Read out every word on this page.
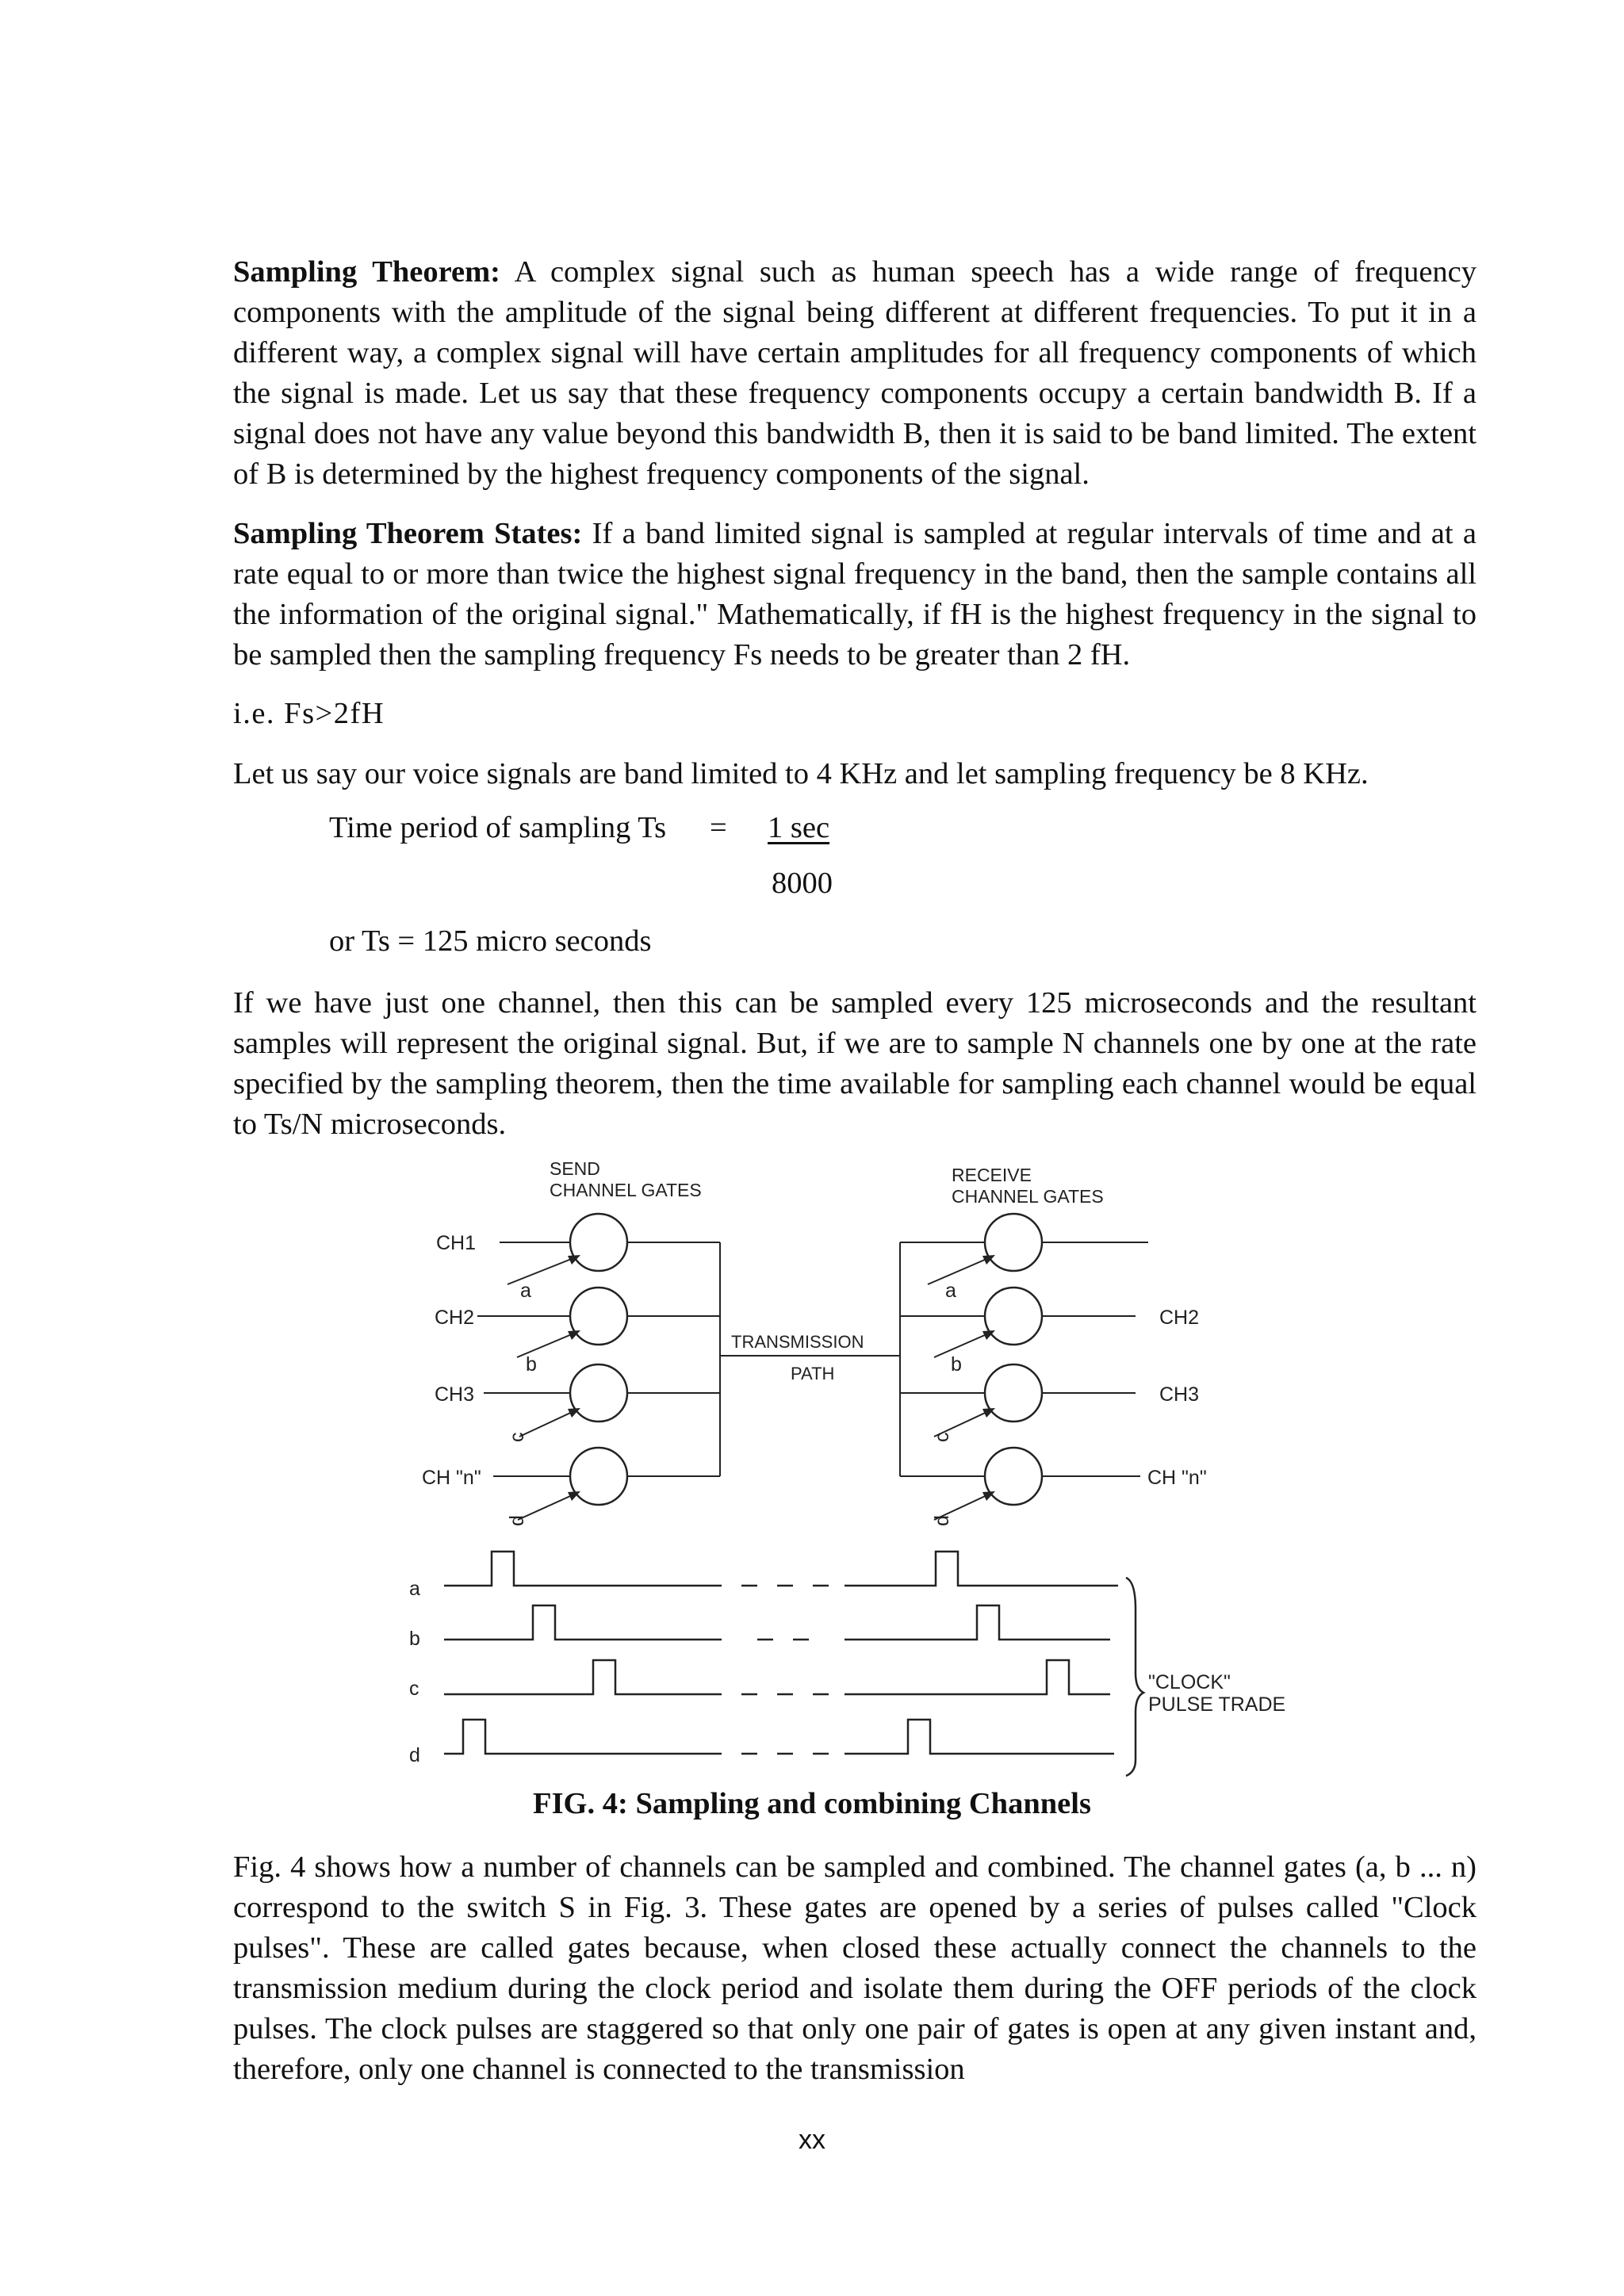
Sampling Theorem: A complex signal such as human speech has a wide range of frequency components with the amplitude of the signal being different at different frequencies. To put it in a different way, a complex signal will have certain amplitudes for all frequency components of which the signal is made. Let us say that these frequency components occupy a certain bandwidth B. If a signal does not have any value beyond this bandwidth B, then it is said to be band limited. The extent of B is determined by the highest frequency components of the signal.

Sampling Theorem States: If a band limited signal is sampled at regular intervals of time and at a rate equal to or more than twice the highest signal frequency in the band, then the sample contains all the information of the original signal." Mathematically, if fH is the highest frequency in the signal to be sampled then the sampling frequency Fs needs to be greater than 2 fH.

i.e. Fs>2fH

Let us say our voice signals are band limited to 4 KHz and let sampling frequency be 8 KHz.

Time period of sampling Ts = 1 sec
8000
or Ts = 125 micro seconds

If we have just one channel, then this can be sampled every 125 microseconds and the resultant samples will represent the original signal. But, if we are to sample N channels one by one at the rate specified by the sampling theorem, then the time available for sampling each channel would be equal to Ts/N microseconds.

SEND
CHANNEL GATES
RECEIVE
CHANNEL GATES
CH1
CH2
CH3
CH "n"
CH2
CH3
CH "n"
TRANSMISSION
PATH
a
b
c
d
a
b
c
d
a
b
c
d
"CLOCK"
PULSE TRADE
FIG. 4: Sampling and combining Channels

Fig. 4 shows how a number of channels can be sampled and combined. The channel gates (a, b ... n) correspond to the switch S in Fig. 3. These gates are opened by a series of pulses called "Clock pulses". These are called gates because, when closed these actually connect the channels to the transmission medium during the clock period and isolate them during the OFF periods of the clock pulses. The clock pulses are staggered so that only one pair of gates is open at any given instant and, therefore, only one channel is connected to the transmission

xx
